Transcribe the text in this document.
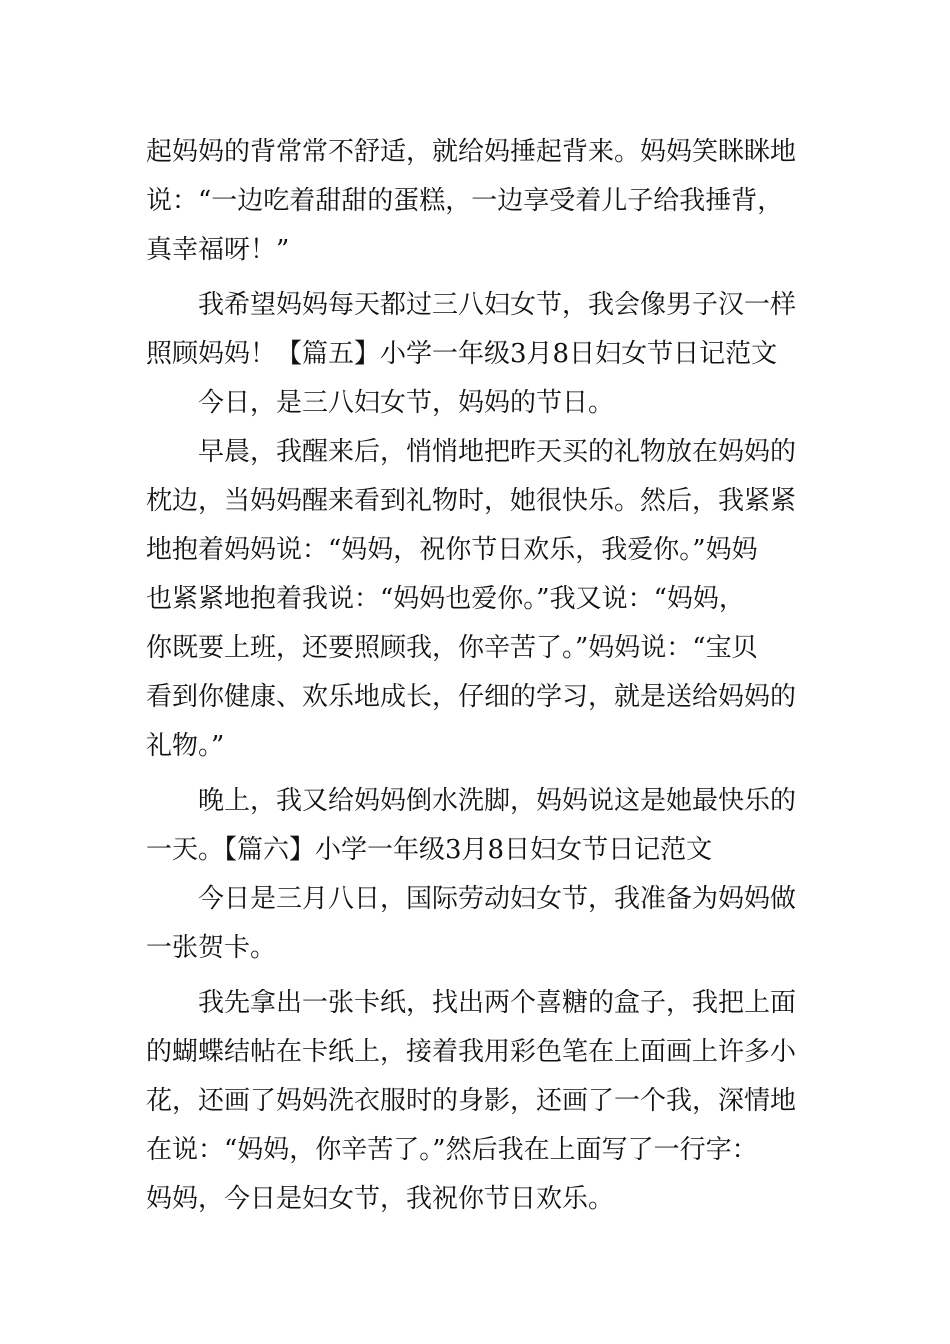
起妈妈的背常常不舒适，就给妈捶起背来。妈妈笑眯眯地
说：“一边吃着甜甜的蛋糕，一边享受着儿子给我捶背，
真幸福呀！”
我希望妈妈每天都过三八妇女节，我会像男子汉一样
照顾妈妈！【篇五】小学一年级3月8日妇女节日记范文
今日，是三八妇女节，妈妈的节日。
早晨，我醒来后，悄悄地把昨天买的礼物放在妈妈的
枕边，当妈妈醒来看到礼物时，她很快乐。然后，我紧紧
地抱着妈妈说：“妈妈，祝你节日欢乐，我爱你。”妈妈
也紧紧地抱着我说：“妈妈也爱你。”我又说：“妈妈，
你既要上班，还要照顾我，你辛苦了。”妈妈说：“宝贝
看到你健康、欢乐地成长，仔细的学习，就是送给妈妈的
礼物。”
晚上，我又给妈妈倒水洗脚，妈妈说这是她最快乐的
一天。【篇六】小学一年级3月8日妇女节日记范文
今日是三月八日，国际劳动妇女节，我准备为妈妈做
一张贺卡。
我先拿出一张卡纸，找出两个喜糖的盒子，我把上面
的蝴蝶结帖在卡纸上，接着我用彩色笔在上面画上许多小
花，还画了妈妈洗衣服时的身影，还画了一个我，深情地
在说：“妈妈，你辛苦了。”然后我在上面写了一行字：
妈妈，今日是妇女节，我祝你节日欢乐。
